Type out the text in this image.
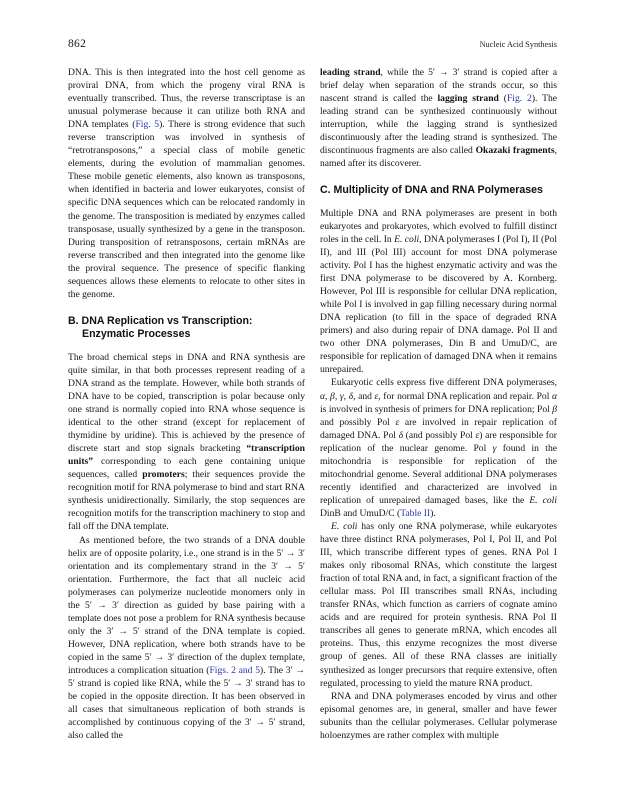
862	Nucleic Acid Synthesis

DNA. This is then integrated into the host cell genome as proviral DNA, from which the progeny viral RNA is eventually transcribed. Thus, the reverse transcriptase is an unusual polymerase because it can utilize both RNA and DNA templates (Fig. 5). There is strong evidence that such reverse transcription was involved in synthesis of “retrotransposons,” a special class of mobile genetic elements, during the evolution of mammalian genomes. These mobile genetic elements, also known as transposons, when identified in bacteria and lower eukaryotes, consist of specific DNA sequences which can be relocated randomly in the genome. The transposition is mediated by enzymes called transposase, usually synthesized by a gene in the transposon. During transposition of retransposons, certain mRNAs are reverse transcribed and then integrated into the genome like the proviral sequence. The presence of specific flanking sequences allows these elements to relocate to other sites in the genome.

B. DNA Replication vs Transcription:
Enzymatic Processes

The broad chemical steps in DNA and RNA synthesis are quite similar, in that both processes represent reading of a DNA strand as the template. However, while both strands of DNA have to be copied, transcription is polar because only one strand is normally copied into RNA whose sequence is identical to the other strand (except for replacement of thymidine by uridine). This is achieved by the presence of discrete start and stop signals bracketing “transcription units” corresponding to each gene containing unique sequences, called promoters; their sequences provide the recognition motif for RNA polymerase to bind and start RNA synthesis unidirectionally. Similarly, the stop sequences are recognition motifs for the transcription machinery to stop and fall off the DNA template.

As mentioned before, the two strands of a DNA double helix are of opposite polarity, i.e., one strand is in the 5′ → 3′ orientation and its complementary strand in the 3′ → 5′ orientation. Furthermore, the fact that all nucleic acid polymerases can polymerize nucleotide monomers only in the 5′ → 3′ direction as guided by base pairing with a template does not pose a problem for RNA synthesis because only the 3′ → 5′ strand of the DNA template is copied. However, DNA replication, where both strands have to be copied in the same 5′ → 3′ direction of the duplex template, introduces a complication situation (Figs. 2 and 5). The 3′ → 5′ strand is copied like RNA, while the 5′ → 3′ strand has to be copied in the opposite direction. It has been observed in all cases that simultaneous replication of both strands is accomplished by continuous copying of the 3′ → 5′ strand, also called the

leading strand, while the 5′ → 3′ strand is copied after a brief delay when separation of the strands occur, so this nascent strand is called the lagging strand (Fig. 2). The leading strand can be synthesized continuously without interruption, while the lagging strand is synthesized discontinuously after the leading strand is synthesized. The discontinuous fragments are also called Okazaki fragments, named after its discoverer.

C. Multiplicity of DNA and RNA Polymerases

Multiple DNA and RNA polymerases are present in both eukaryotes and prokaryotes, which evolved to fulfill distinct roles in the cell. In E. coli, DNA polymerases I (Pol I), II (Pol II), and III (Pol III) account for most DNA polymerase activity. Pol I has the highest enzymatic activity and was the first DNA polymerase to be discovered by A. Kornberg. However, Pol III is responsible for cellular DNA replication, while Pol I is involved in gap filling necessary during normal DNA replication (to fill in the space of degraded RNA primers) and also during repair of DNA damage. Pol II and two other DNA polymerases, Din B and UmuD/C, are responsible for replication of damaged DNA when it remains unrepaired.

Eukaryotic cells express five different DNA polymerases, α, β, γ, δ, and ε, for normal DNA replication and repair. Pol α is involved in synthesis of primers for DNA replication; Pol β and possibly Pol ε are involved in repair replication of damaged DNA. Pol δ (and possibly Pol ε) are responsible for replication of the nuclear genome. Pol γ found in the mitochondria is responsible for replication of the mitochondrial genome. Several additional DNA polymerases recently identified and characterized are involved in replication of unrepaired damaged bases, like the E. coli DinB and UmuD/C (Table II).

E. coli has only one RNA polymerase, while eukaryotes have three distinct RNA polymerases, Pol I, Pol II, and Pol III, which transcribe different types of genes. RNA Pol I makes only ribosomal RNAs, which constitute the largest fraction of total RNA and, in fact, a significant fraction of the cellular mass. Pol III transcribes small RNAs, including transfer RNAs, which function as carriers of cognate amino acids and are required for protein synthesis. RNA Pol II transcribes all genes to generate mRNA, which encodes all proteins. Thus, this enzyme recognizes the most diverse group of genes. All of these RNA classes are initially synthesized as longer precursors that require extensive, often regulated, processing to yield the mature RNA product.

RNA and DNA polymerases encoded by virus and other episomal genomes are, in general, smaller and have fewer subunits than the cellular polymerases. Cellular polymerase holoenzymes are rather complex with multiple
